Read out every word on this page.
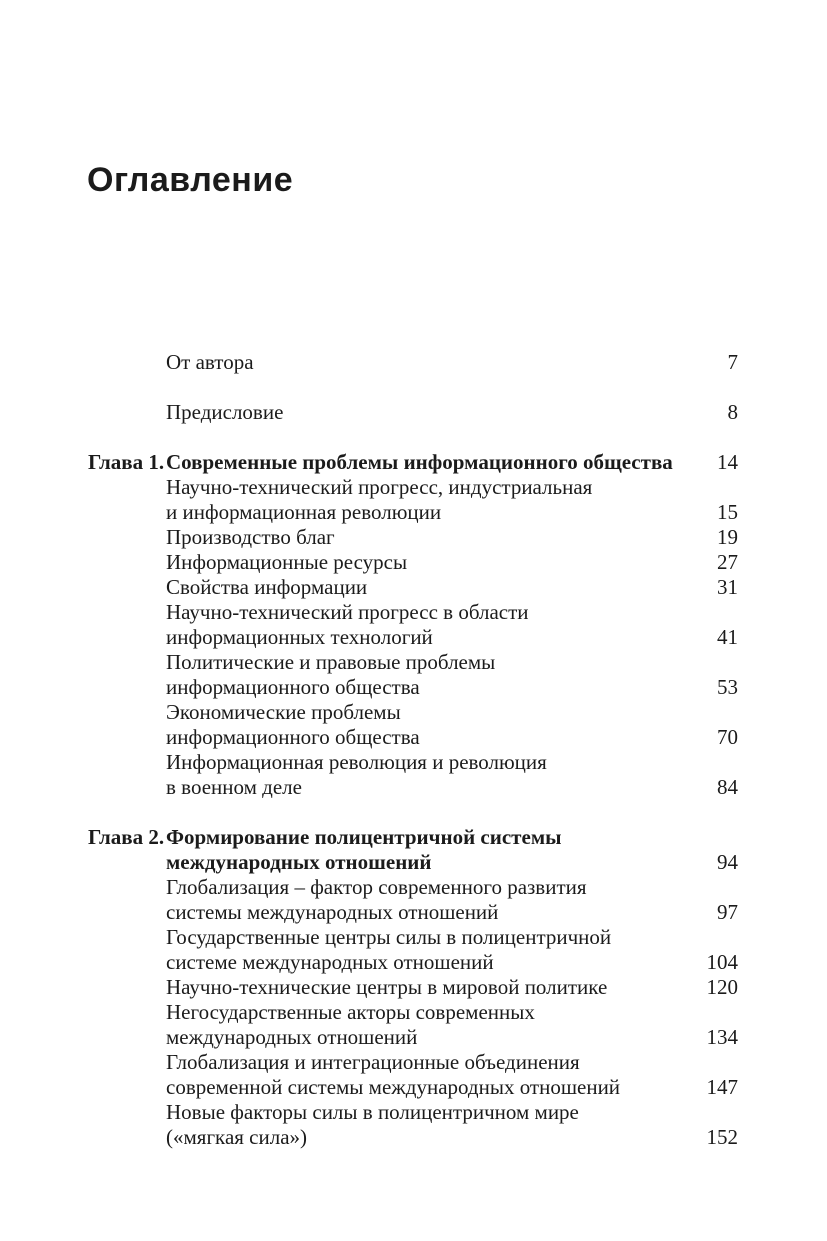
Оглавление
От автора	7
Предисловие	8
Глава 1.Современные проблемы информационного общества	14
Научно-технический прогресс, индустриальная
и информационная революции	15
Производство благ	19
Информационные ресурсы	27
Свойства информации	31
Научно-технический прогресс в области
информационных технологий	41
Политические и правовые проблемы
информационного общества	53
Экономические проблемы
информационного общества	70
Информационная революция и революция
в военном деле	84
Глава 2.Формирование полицентричной системы
международных отношений	94
Глобализация – фактор современного развития
системы международных отношений	97
Государственные центры силы в полицентричной
системе международных отношений	104
Научно-технические центры в мировой политике	120
Негосударственные акторы современных
международных отношений	134
Глобализация и интеграционные объединения
современной системы международных отношений	147
Новые факторы силы в полицентричном мире
(«мягкая сила»)	152
